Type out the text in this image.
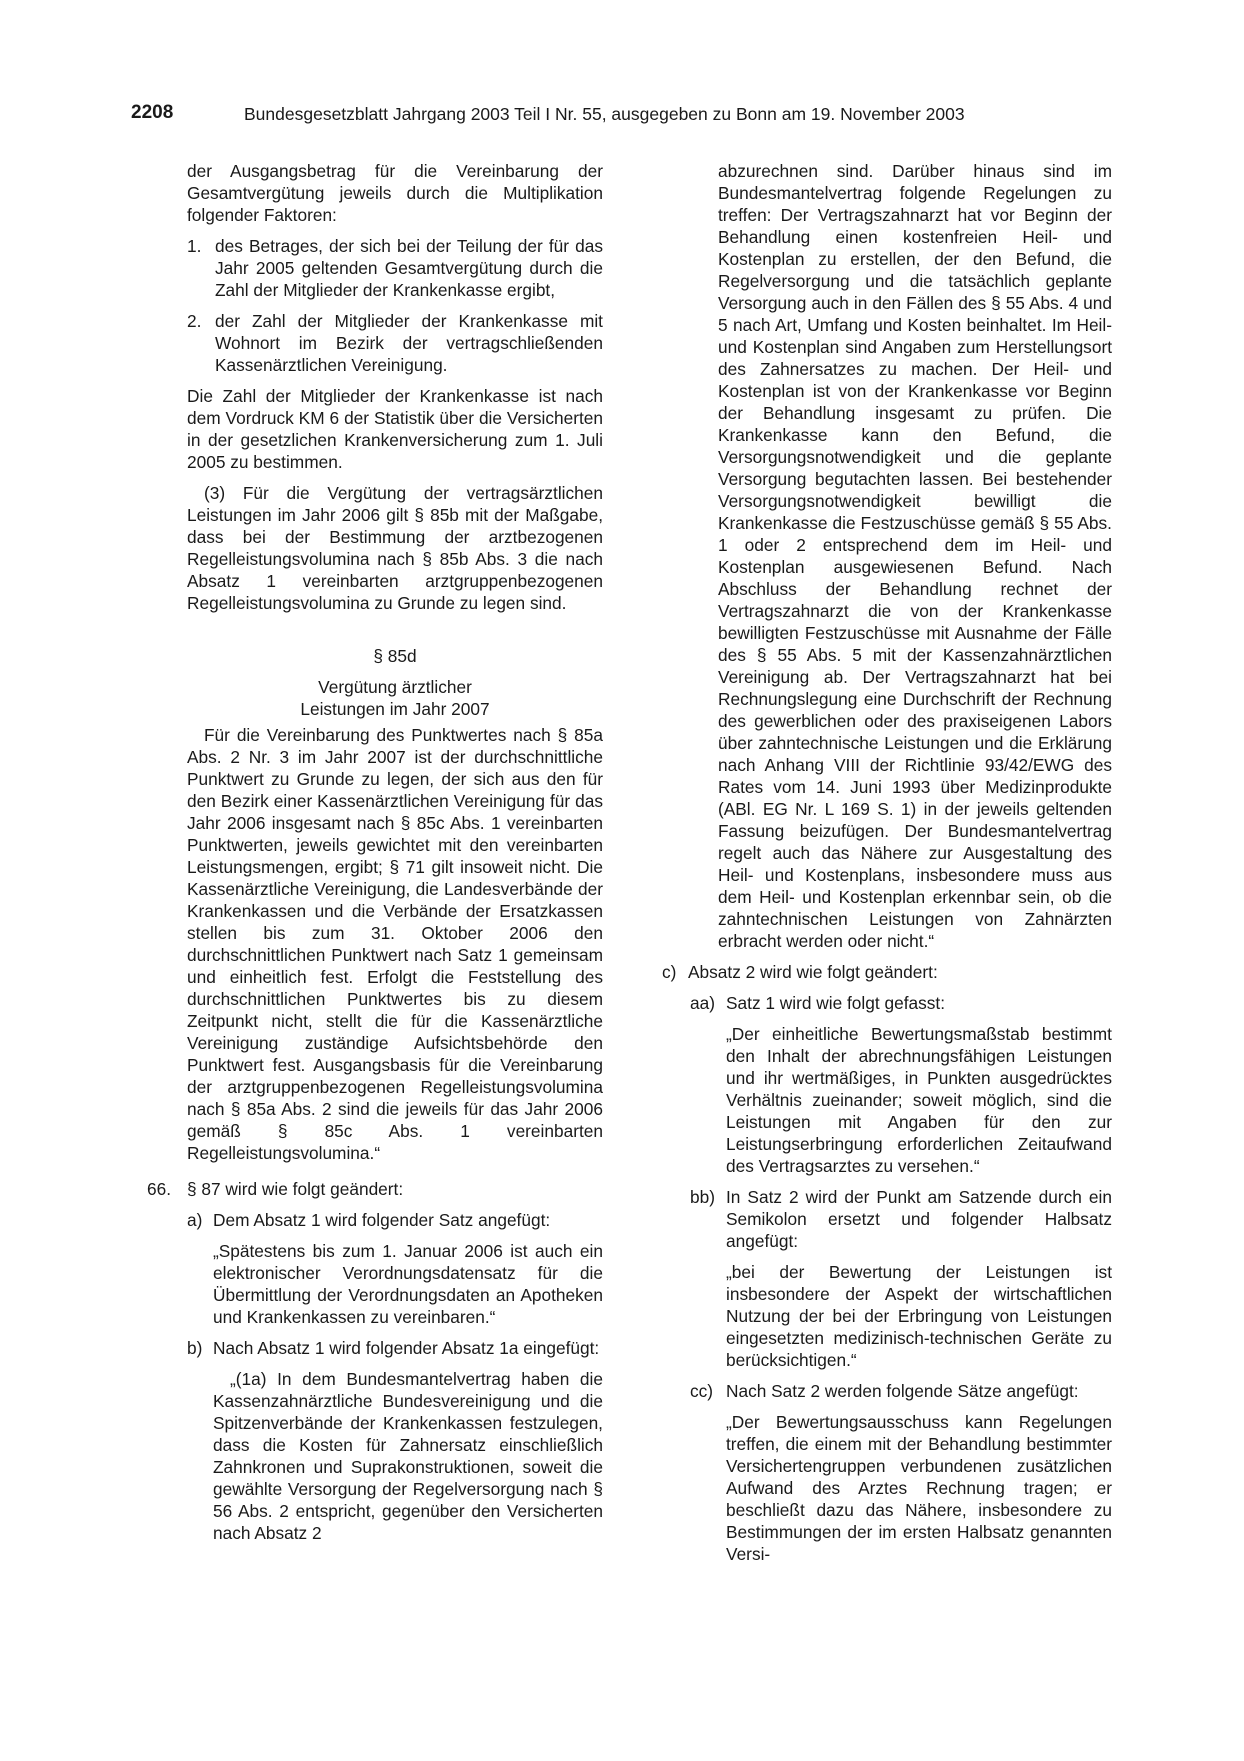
2208	Bundesgesetzblatt Jahrgang 2003 Teil I Nr. 55, ausgegeben zu Bonn am 19. November 2003

der Ausgangsbetrag für die Vereinbarung der Gesamtvergütung jeweils durch die Multiplikation folgender Faktoren:

1. des Betrages, der sich bei der Teilung der für das Jahr 2005 geltenden Gesamtvergütung durch die Zahl der Mitglieder der Krankenkasse ergibt,
2. der Zahl der Mitglieder der Krankenkasse mit Wohnort im Bezirk der vertragschließenden Kassenärztlichen Vereinigung.

Die Zahl der Mitglieder der Krankenkasse ist nach dem Vordruck KM 6 der Statistik über die Versicherten in der gesetzlichen Krankenversicherung zum 1. Juli 2005 zu bestimmen.

(3) Für die Vergütung der vertragsärztlichen Leistungen im Jahr 2006 gilt § 85b mit der Maßgabe, dass bei der Bestimmung der arztbezogenen Regelleistungsvolumina nach § 85b Abs. 3 die nach Absatz 1 vereinbarten arztgruppenbezogenen Regelleistungsvolumina zu Grunde zu legen sind.

§ 85d

Vergütung ärztlicher

Leistungen im Jahr 2007

Für die Vereinbarung des Punktwertes nach § 85a Abs. 2 Nr. 3 im Jahr 2007 ist der durchschnittliche Punktwert zu Grunde zu legen, der sich aus den für den Bezirk einer Kassenärztlichen Vereinigung für das Jahr 2006 insgesamt nach § 85c Abs. 1 vereinbarten Punktwerten, jeweils gewichtet mit den vereinbarten Leistungsmengen, ergibt; § 71 gilt insoweit nicht. Die Kassenärztliche Vereinigung, die Landesverbände der Krankenkassen und die Verbände der Ersatzkassen stellen bis zum 31. Oktober 2006 den durchschnittlichen Punktwert nach Satz 1 gemeinsam und einheitlich fest. Erfolgt die Feststellung des durchschnittlichen Punktwertes bis zu diesem Zeitpunkt nicht, stellt die für die Kassenärztliche Vereinigung zuständige Aufsichtsbehörde den Punktwert fest. Ausgangsbasis für die Vereinbarung der arztgruppenbezogenen Regelleistungsvolumina nach § 85a Abs. 2 sind die jeweils für das Jahr 2006 gemäß § 85c Abs. 1 vereinbarten Regelleistungsvolumina.“

66. § 87 wird wie folgt geändert:
a) Dem Absatz 1 wird folgender Satz angefügt:

„Spätestens bis zum 1. Januar 2006 ist auch ein elektronischer Verordnungsdatensatz für die Übermittlung der Verordnungsdaten an Apotheken und Krankenkassen zu vereinbaren.“

b) Nach Absatz 1 wird folgender Absatz 1a eingefügt:

„(1a) In dem Bundesmantelvertrag haben die Kassenzahnärztliche Bundesvereinigung und die Spitzenverbände der Krankenkassen festzulegen, dass die Kosten für Zahnersatz einschließlich Zahnkronen und Suprakonstruktionen, soweit die gewählte Versorgung der Regelversorgung nach § 56 Abs. 2 entspricht, gegenüber den Versicherten nach Absatz 2

abzurechnen sind. Darüber hinaus sind im Bundesmantelvertrag folgende Regelungen zu treffen: Der Vertragszahnarzt hat vor Beginn der Behandlung einen kostenfreien Heil- und Kostenplan zu erstellen, der den Befund, die Regelversorgung und die tatsächlich geplante Versorgung auch in den Fällen des § 55 Abs. 4 und 5 nach Art, Umfang und Kosten beinhaltet. Im Heil- und Kostenplan sind Angaben zum Herstellungsort des Zahnersatzes zu machen. Der Heil- und Kostenplan ist von der Krankenkasse vor Beginn der Behandlung insgesamt zu prüfen. Die Krankenkasse kann den Befund, die Versorgungsnotwendigkeit und die geplante Versorgung begutachten lassen. Bei bestehender Versorgungsnotwendigkeit bewilligt die Krankenkasse die Festzuschüsse gemäß § 55 Abs. 1 oder 2 entsprechend dem im Heil- und Kostenplan ausgewiesenen Befund. Nach Abschluss der Behandlung rechnet der Vertragszahnarzt die von der Krankenkasse bewilligten Festzuschüsse mit Ausnahme der Fälle des § 55 Abs. 5 mit der Kassenzahnärztlichen Vereinigung ab. Der Vertragszahnarzt hat bei Rechnungslegung eine Durchschrift der Rechnung des gewerblichen oder des praxiseigenen Labors über zahntechnische Leistungen und die Erklärung nach Anhang VIII der Richtlinie 93/42/EWG des Rates vom 14. Juni 1993 über Medizinprodukte (ABl. EG Nr. L 169 S. 1) in der jeweils geltenden Fassung beizufügen. Der Bundesmantelvertrag regelt auch das Nähere zur Ausgestaltung des Heil- und Kostenplans, insbesondere muss aus dem Heil- und Kostenplan erkennbar sein, ob die zahntechnischen Leistungen von Zahnärzten erbracht werden oder nicht.“

c) Absatz 2 wird wie folgt geändert:
aa) Satz 1 wird wie folgt gefasst:

„Der einheitliche Bewertungsmaßstab bestimmt den Inhalt der abrechnungsfähigen Leistungen und ihr wertmäßiges, in Punkten ausgedrücktes Verhältnis zueinander; soweit möglich, sind die Leistungen mit Angaben für den zur Leistungserbringung erforderlichen Zeitaufwand des Vertragsarztes zu versehen.“

bb) In Satz 2 wird der Punkt am Satzende durch ein Semikolon ersetzt und folgender Halbsatz angefügt:

„bei der Bewertung der Leistungen ist insbesondere der Aspekt der wirtschaftlichen Nutzung der bei der Erbringung von Leistungen eingesetzten medizinisch-technischen Geräte zu berücksichtigen.“

cc) Nach Satz 2 werden folgende Sätze angefügt:

„Der Bewertungsausschuss kann Regelungen treffen, die einem mit der Behandlung bestimmter Versichertengruppen verbundenen zusätzlichen Aufwand des Arztes Rechnung tragen; er beschließt dazu das Nähere, insbesondere zu Bestimmungen der im ersten Halbsatz genannten Versi-
